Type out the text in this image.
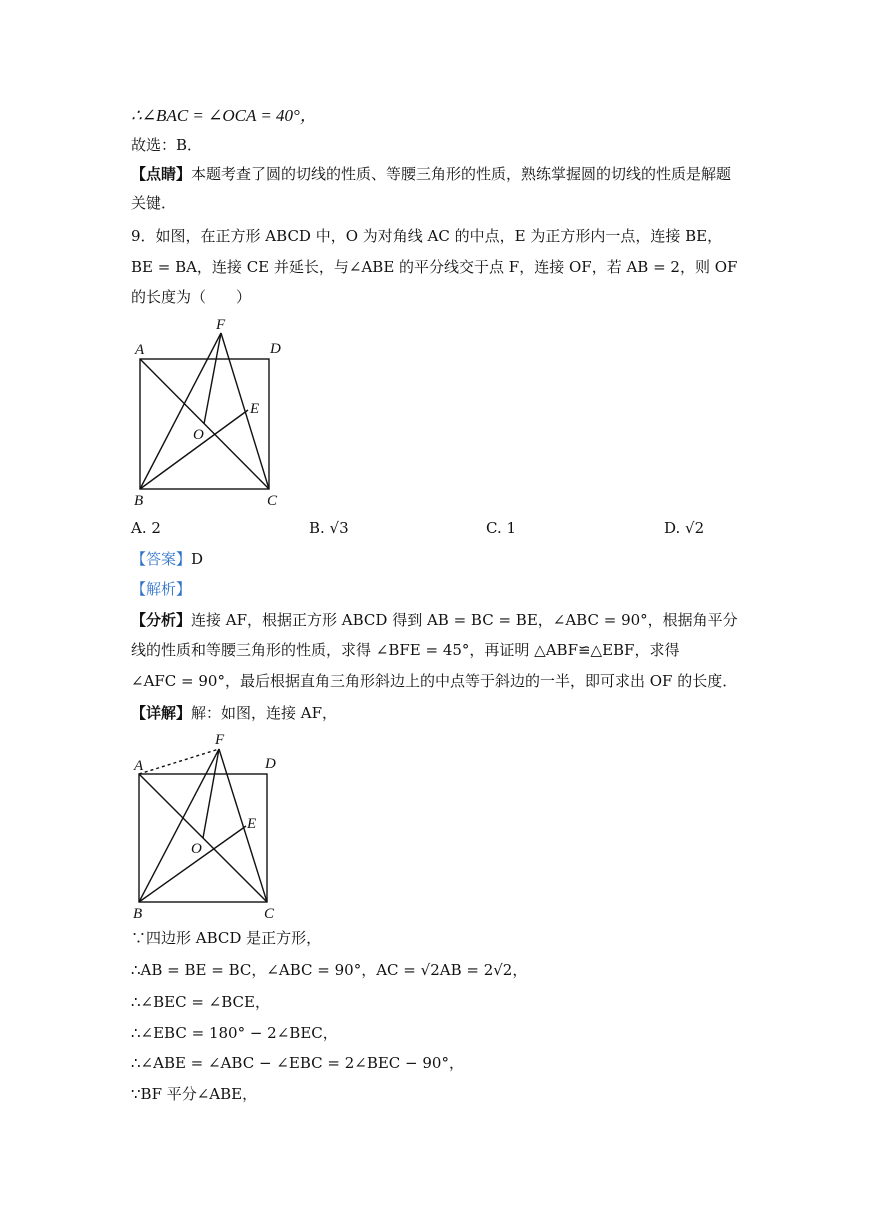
∴∠BAC = ∠OCA = 40°，
故选：B．
【点睛】本题考查了圆的切线的性质、等腰三角形的性质，熟练掌握圆的切线的性质是解题
关键．
9．如图，在正方形 ABCD 中，O 为对角线 AC 的中点，E 为正方形内一点，连接 BE，
BE = BA，连接 CE 并延长，与∠ABE 的平分线交于点 F，连接 OF，若 AB = 2，则 OF
的长度为（　　）
A	D
F
E
O
B	C
A. 2	B. √3	C. 1	D. √2
【答案】D
【解析】
【分析】连接 AF，根据正方形 ABCD 得到 AB = BC = BE，∠ABC = 90°，根据角平分
线的性质和等腰三角形的性质，求得 ∠BFE = 45°，再证明 △ABF≌△EBF，求得
∠AFC = 90°，最后根据直角三角形斜边上的中点等于斜边的一半，即可求出 OF 的长度．
【详解】解：如图，连接 AF，
A	D
F
E
O
B	C
∵四边形 ABCD 是正方形，
∴AB = BE = BC，∠ABC = 90°，AC = √2AB = 2√2，
∴∠BEC = ∠BCE，
∴∠EBC = 180° − 2∠BEC，
∴∠ABE = ∠ABC − ∠EBC = 2∠BEC − 90°，
∵BF 平分∠ABE，
